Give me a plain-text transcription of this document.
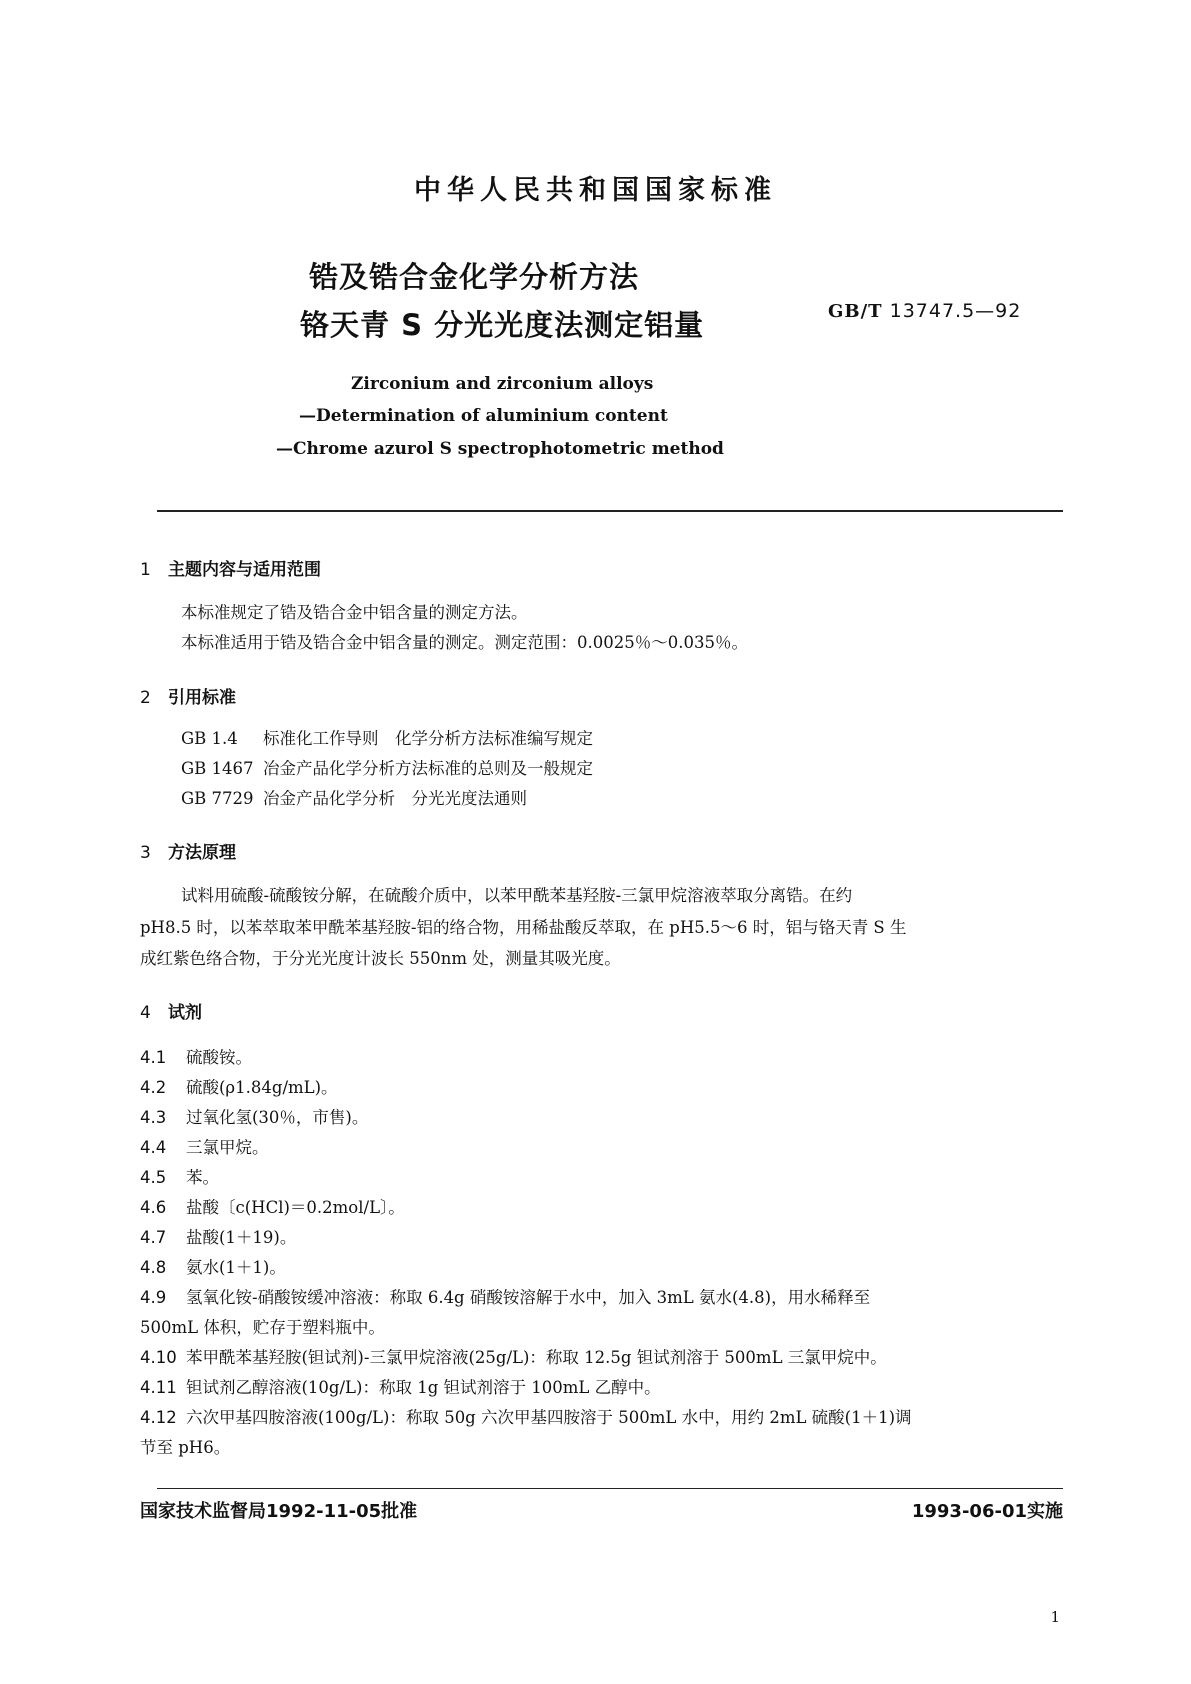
中华人民共和国国家标准
锆及锆合金化学分析方法
铬天青 S 分光光度法测定铝量	GB/T 13747.5—92
Zirconium and zirconium alloys
—Determination of aluminium content
—Chrome azurol S spectrophotometric method
1 主题内容与适用范围
本标准规定了锆及锆合金中铝含量的测定方法。
本标准适用于锆及锆合金中铝含量的测定。测定范围：0.0025％～0.035％。
2 引用标准
GB 1.4 标准化工作导则　化学分析方法标准编写规定
GB 1467 冶金产品化学分析方法标准的总则及一般规定
GB 7729 冶金产品化学分析　分光光度法通则
3 方法原理
试料用硫酸-硫酸铵分解，在硫酸介质中，以苯甲酰苯基羟胺-三氯甲烷溶液萃取分离锆。在约
pH8.5 时，以苯萃取苯甲酰苯基羟胺-铝的络合物，用稀盐酸反萃取，在 pH5.5～6 时，铝与铬天青 S 生
成红紫色络合物，于分光光度计波长 550nm 处，测量其吸光度。
4 试剂
4.1 硫酸铵。
4.2 硫酸(ρ1.84g/mL)。
4.3 过氧化氢(30％，市售)。
4.4 三氯甲烷。
4.5 苯。
4.6 盐酸〔c(HCl)＝0.2mol/L〕。
4.7 盐酸(1＋19)。
4.8 氨水(1＋1)。
4.9 氢氧化铵-硝酸铵缓冲溶液：称取 6.4g 硝酸铵溶解于水中，加入 3mL 氨水(4.8)，用水稀释至
500mL 体积，贮存于塑料瓶中。
4.10 苯甲酰苯基羟胺(钽试剂)-三氯甲烷溶液(25g/L)：称取 12.5g 钽试剂溶于 500mL 三氯甲烷中。
4.11 钽试剂乙醇溶液(10g/L)：称取 1g 钽试剂溶于 100mL 乙醇中。
4.12 六次甲基四胺溶液(100g/L)：称取 50g 六次甲基四胺溶于 500mL 水中，用约 2mL 硫酸(1＋1)调
节至 pH6。
国家技术监督局1992-11-05批准	1993-06-01实施
1
